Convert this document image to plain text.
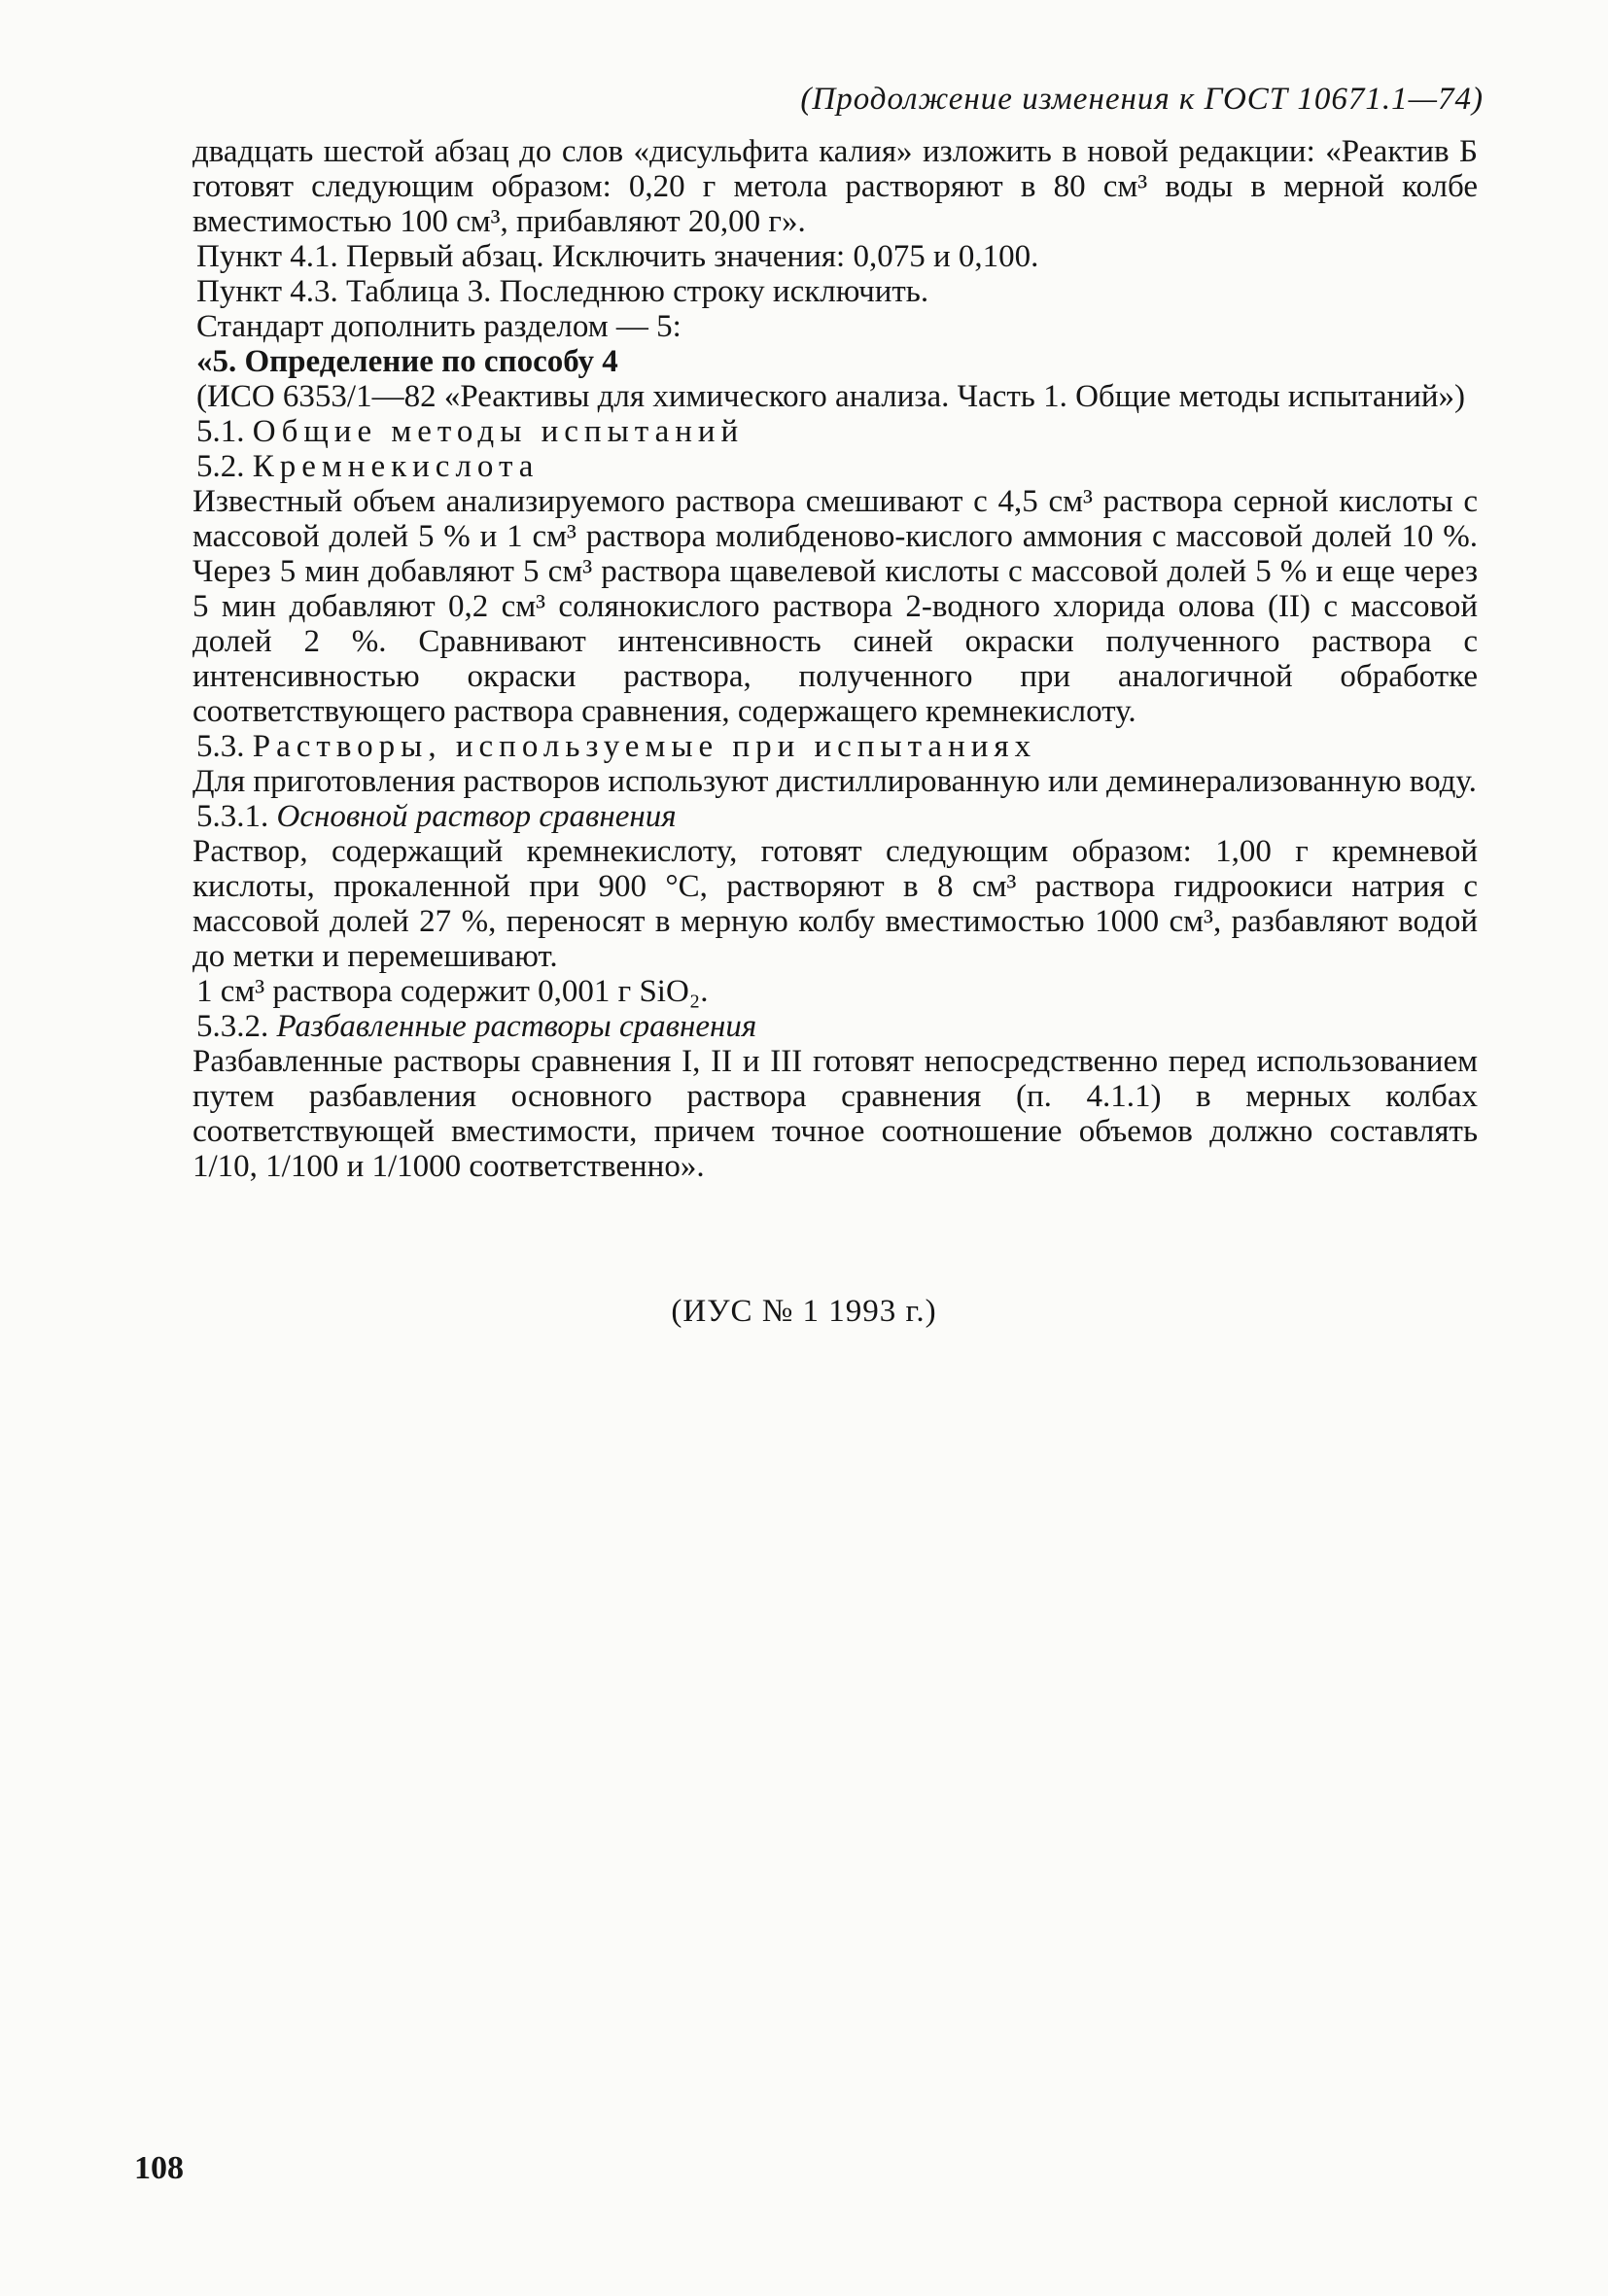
(Продолжение изменения к ГОСТ 10671.1—74)

двадцать шестой абзац до слов «дисульфита калия» изложить в новой редакции: «Реактив Б готовят следующим образом: 0,20 г метола растворяют в 80 см³ воды в мерной колбе вместимостью 100 см³, прибавляют 20,00 г».

Пункт 4.1. Первый абзац. Исключить значения: 0,075 и 0,100.

Пункт 4.3. Таблица 3. Последнюю строку исключить.

Стандарт дополнить разделом — 5:

«5. Определение по способу 4

(ИСО 6353/1—82 «Реактивы для химического анализа. Часть 1. Общие методы испытаний»)

5.1. Общие методы испытаний

5.2. Кремнекислота

Известный объем анализируемого раствора смешивают с 4,5 см³ раствора серной кислоты с массовой долей 5 % и 1 см³ раствора молибденово-кислого аммония с массовой долей 10 %. Через 5 мин добавляют 5 см³ раствора щавелевой кислоты с массовой долей 5 % и еще через 5 мин добавляют 0,2 см³ солянокислого раствора 2-водного хлорида олова (II) с массовой долей 2 %. Сравнивают интенсивность синей окраски полученного раствора с интенсивностью окраски раствора, полученного при аналогичной обработке соответствующего раствора сравнения, содержащего кремнекислоту.

5.3. Растворы, используемые при испытаниях

Для приготовления растворов используют дистиллированную или деминерализованную воду.

5.3.1. Основной раствор сравнения

Раствор, содержащий кремнекислоту, готовят следующим образом: 1,00 г кремневой кислоты, прокаленной при 900 °С, растворяют в 8 см³ раствора гидроокиси натрия с массовой долей 27 %, переносят в мерную колбу вместимостью 1000 см³, разбавляют водой до метки и перемешивают.

1 см³ раствора содержит 0,001 г SiO₂.

5.3.2. Разбавленные растворы сравнения

Разбавленные растворы сравнения I, II и III готовят непосредственно перед использованием путем разбавления основного раствора сравнения (п. 4.1.1) в мерных колбах соответствующей вместимости, причем точное соотношение объемов должно составлять 1/10, 1/100 и 1/1000 соответственно».

(ИУС № 1 1993 г.)
108
